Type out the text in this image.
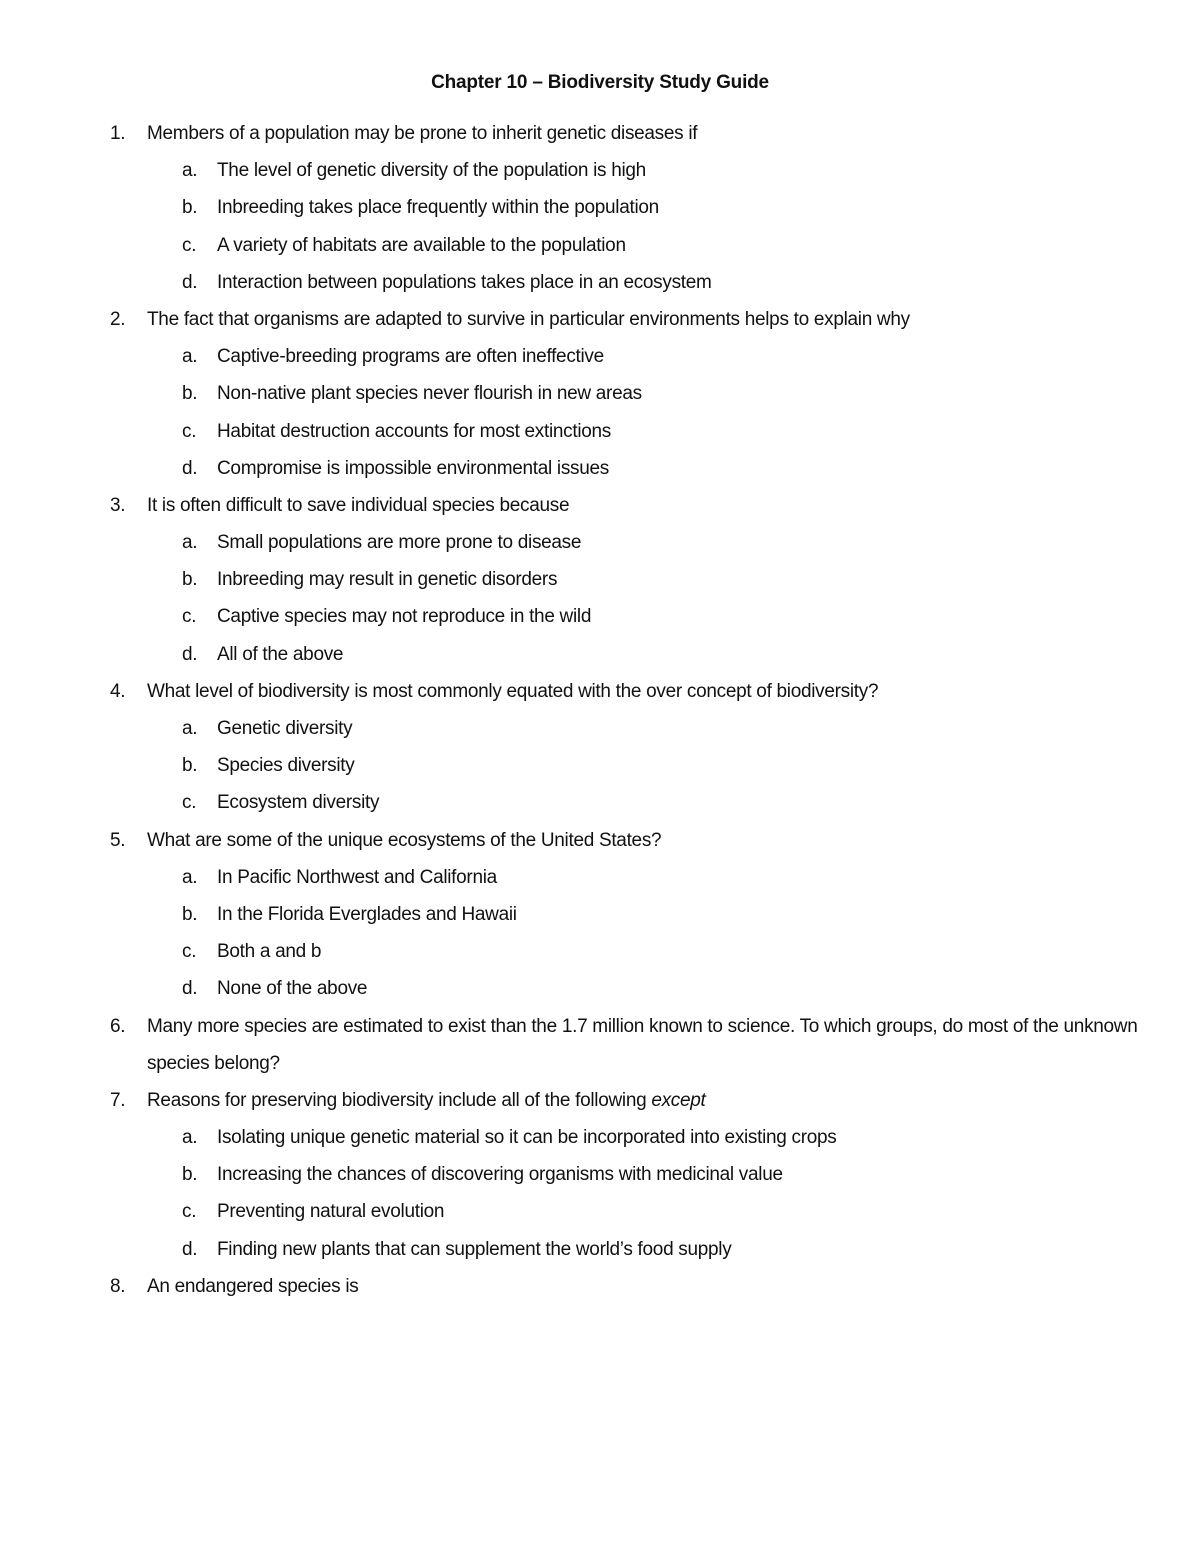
Chapter 10 – Biodiversity Study Guide
1. Members of a population may be prone to inherit genetic diseases if
a. The level of genetic diversity of the population is high
b. Inbreeding takes place frequently within the population
c. A variety of habitats are available to the population
d. Interaction between populations takes place in an ecosystem
2. The fact that organisms are adapted to survive in particular environments helps to explain why
a. Captive-breeding programs are often ineffective
b. Non-native plant species never flourish in new areas
c. Habitat destruction accounts for most extinctions
d. Compromise is impossible environmental issues
3. It is often difficult to save individual species because
a. Small populations are more prone to disease
b. Inbreeding may result in genetic disorders
c. Captive species may not reproduce in the wild
d. All of the above
4. What level of biodiversity is most commonly equated with the over concept of biodiversity?
a. Genetic diversity
b. Species diversity
c. Ecosystem diversity
5. What are some of the unique ecosystems of the United States?
a. In Pacific Northwest and California
b. In the Florida Everglades and Hawaii
c. Both a and b
d. None of the above
6. Many more species are estimated to exist than the 1.7 million known to science. To which groups, do most of the unknown
species belong?
7. Reasons for preserving biodiversity include all of the following except
a. Isolating unique genetic material so it can be incorporated into existing crops
b. Increasing the chances of discovering organisms with medicinal value
c. Preventing natural evolution
d. Finding new plants that can supplement the world’s food supply
8. An endangered species is
